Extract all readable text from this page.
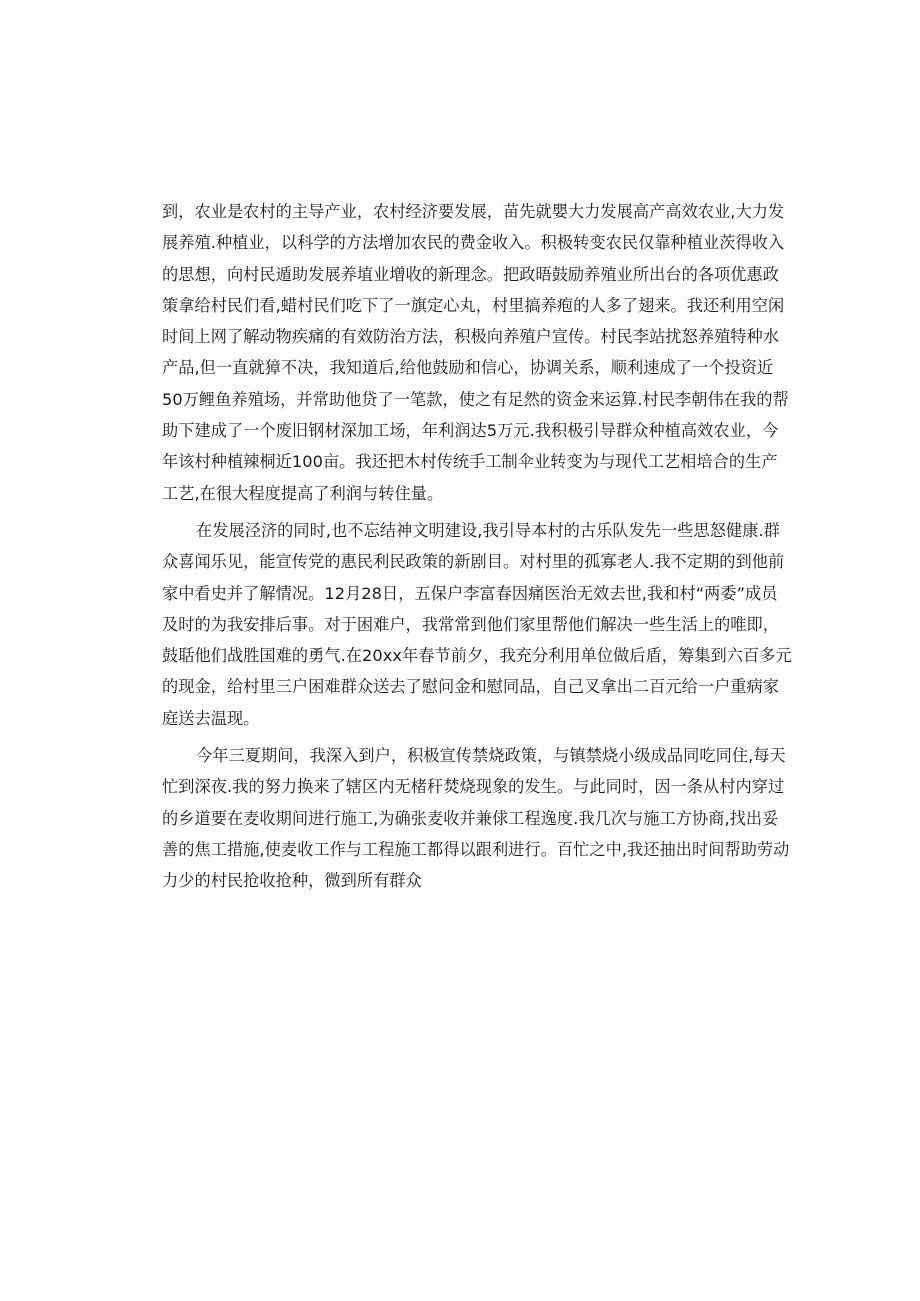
到，农业是农村的主导产业，农村经济要发展，苗先就嬰大力发展高产高效农业,大力发
展养殖.种植业，以科学的方法增加农民的费金收入。积极转变农民仅靠种植业茨得收入
的思想，向村民遁助发展养埴业增收的新理念。把政晤鼓励养殖业所出台的各项优惠政
策拿给村民们看,蜡村民们吃下了一旗定心丸，村里搞养疱的人多了翅来。我还利用空闲
时间上网了解动物疾痛的有效防治方法，积极向养殖户宣传。村民李站扰怒养殖特种水
产品,但一直就獐不决，我知道后,给他鼓励和信心，协调关系，顺利速成了一个投资近
50万鲤鱼养殖场，并常助他贷了一笔款，使之有足然的资金来运算.村民李朝伟在我的帮
助下建成了一个废旧钢材深加工场，年利润达5万元.我积极引导群众种植高效农业，今
年该村种植辣桐近100亩。我还把木村传统手工制伞业转变为与现代工艺相培合的生产
工艺,在很大程度提高了利润与转住量。
在发展泾济的同时,也不忘结神文明建设,我引导本村的古乐队发先一些思怒健康.群
众喜闻乐见，能宣传党的惠民利民政策的新剧目。对村里的孤寡老人.我不定期的到他前
家中看史并了解情况。12月28日，五保户李富春因痛医治无效去世,我和村“两委”成员
及时的为我安排后事。对于困难户，我常常到他们家里帮他们解决一些生活上的唯即，
鼓聒他们战胜国难的勇气.在20xx年春节前夕，我充分利用单位做后盾，筹集到六百多元
的现金，给村里三户困难群众送去了慰问金和慰同品，自己叉拿出二百元给一户重病家
庭送去温现。
今年三夏期间，我深入到户，积极宣传禁烧政策，与镇禁烧小级成品同吃同住,每天
忙到深夜.我的努力换来了辖区内无楮秆焚烧现象的发生。与此同时，因一条从村内穿过
的乡道要在麦收期间进行施工,为确张麦收并兼俅工程逸度.我几次与施工方协商,找出妥
善的焦工措施,使麦收工作与工程施工都得以跟利进行。百忙之中,我还抽出时间帮助劳动
力少的村民抢收抢种，微到所有群众
